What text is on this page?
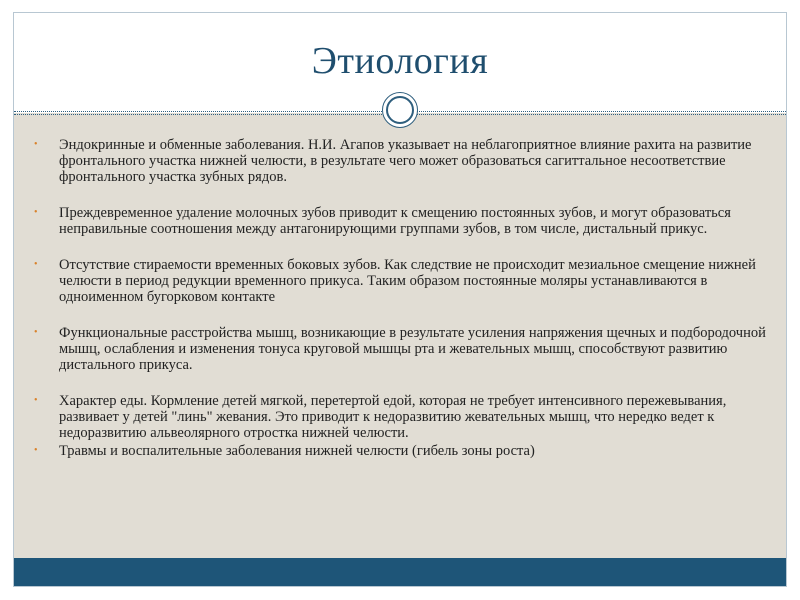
Этиология
• Эндокринные и обменные заболевания. Н.И. Агапов указывает на неблагоприятное влияние рахита на развитие фронтального участка нижней челюсти, в результате чего может образоваться сагиттальное несоответствие фронтального участка зубных рядов.
• Преждевременное удаление молочных зубов приводит к смещению постоянных зубов, и могут образоваться неправильные соотношения между антагонирующими группами зубов, в том числе, дистальный прикус.
• Отсутствие стираемости временных боковых зубов. Как следствие не происходит мезиальное смещение нижней челюсти в период редукции временного прикуса. Таким образом постоянные моляры устанавливаются в одноименном бугорковом контакте
• Функциональные расстройства мышц, возникающие в результате усиления напряжения щечных и подбородочной мышц, ослабления и изменения тонуса круговой мышцы рта и жевательных мышц, способствуют развитию дистального прикуса.
• Характер еды. Кормление детей мягкой, перетертой едой, которая не требует интенсивного пережевывания, развивает у детей "линь" жевания. Это приводит к недоразвитию жевательных мышц, что нередко ведет к недоразвитию альвеолярного отростка нижней челюсти.
• Травмы и воспалительные заболевания нижней челюсти (гибель зоны роста)
